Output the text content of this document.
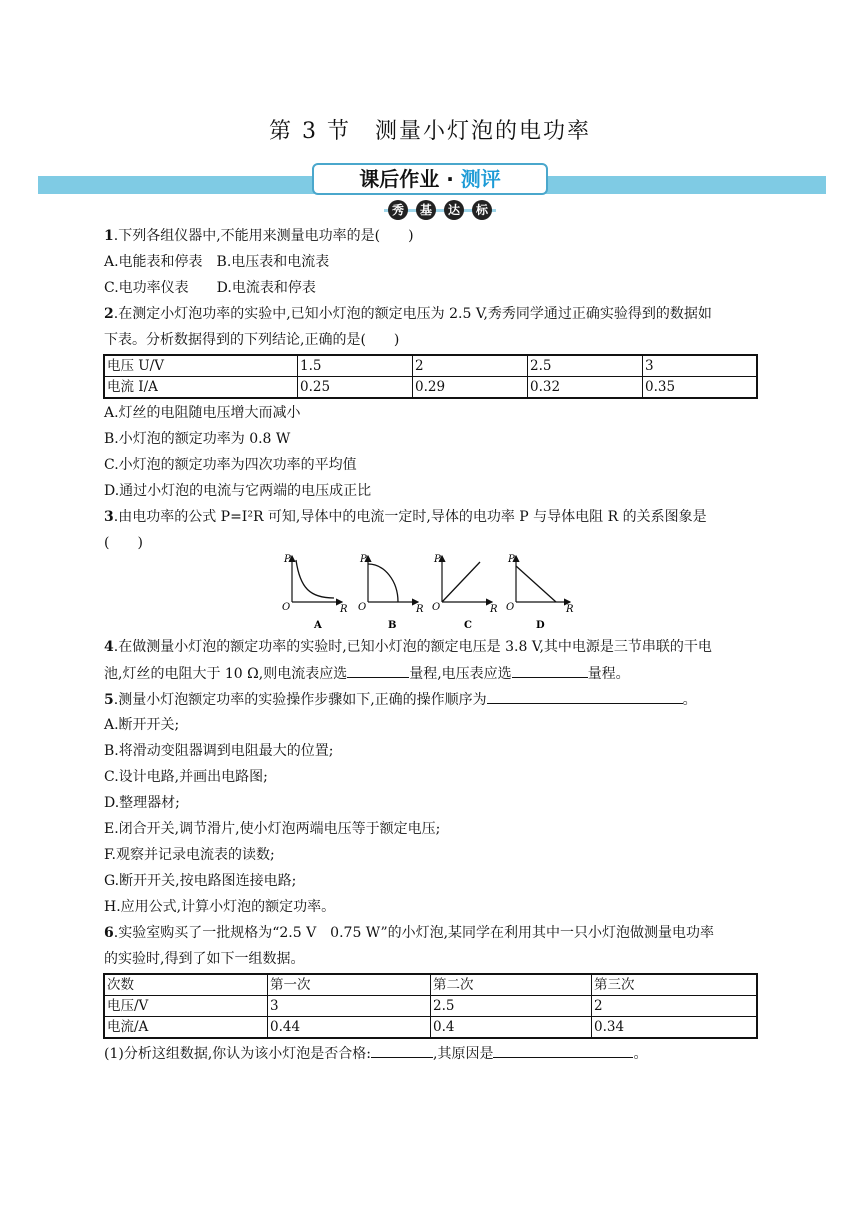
第 3 节　测量小灯泡的电功率
课后作业 · 测评
秀	基	达	标
1.下列各组仪器中,不能用来测量电功率的是(　　)
A.电能表和停表　B.电压表和电流表
C.电功率仪表　　D.电流表和停表
2.在测定小灯泡功率的实验中,已知小灯泡的额定电压为 2.5 V,秀秀同学通过正确实验得到的数据如
下表。分析数据得到的下列结论,正确的是(　　)
电压 U/V	1.5	2	2.5	3
电流 I/A	0.25	0.29	0.32	0.35
A.灯丝的电阻随电压增大而减小
B.小灯泡的额定功率为 0.8 W
C.小灯泡的额定功率为四次功率的平均值
D.通过小灯泡的电流与它两端的电压成正比
3.由电功率的公式 P=I²R 可知,导体中的电流一定时,导体的电功率 P 与导体电阻 R 的关系图象是
(　　)
P
O	R
A
P
O	R
B
P
O	R
C
P
O	R
D
4.在做测量小灯泡的额定功率的实验时,已知小灯泡的额定电压是 3.8 V,其中电源是三节串联的干电
池,灯丝的电阻大于 10 Ω,则电流表应选	量程,电压表应选	量程。
5.测量小灯泡额定功率的实验操作步骤如下,正确的操作顺序为	。
A.断开开关;
B.将滑动变阻器调到电阻最大的位置;
C.设计电路,并画出电路图;
D.整理器材;
E.闭合开关,调节滑片,使小灯泡两端电压等于额定电压;
F.观察并记录电流表的读数;
G.断开开关,按电路图连接电路;
H.应用公式,计算小灯泡的额定功率。
6.实验室购买了一批规格为“2.5 V　0.75 W”的小灯泡,某同学在利用其中一只小灯泡做测量电功率
的实验时,得到了如下一组数据。
次数	第一次	第二次	第三次
电压/V	3	2.5	2
电流/A	0.44	0.4	0.34
(1)分析这组数据,你认为该小灯泡是否合格:	,其原因是	。
